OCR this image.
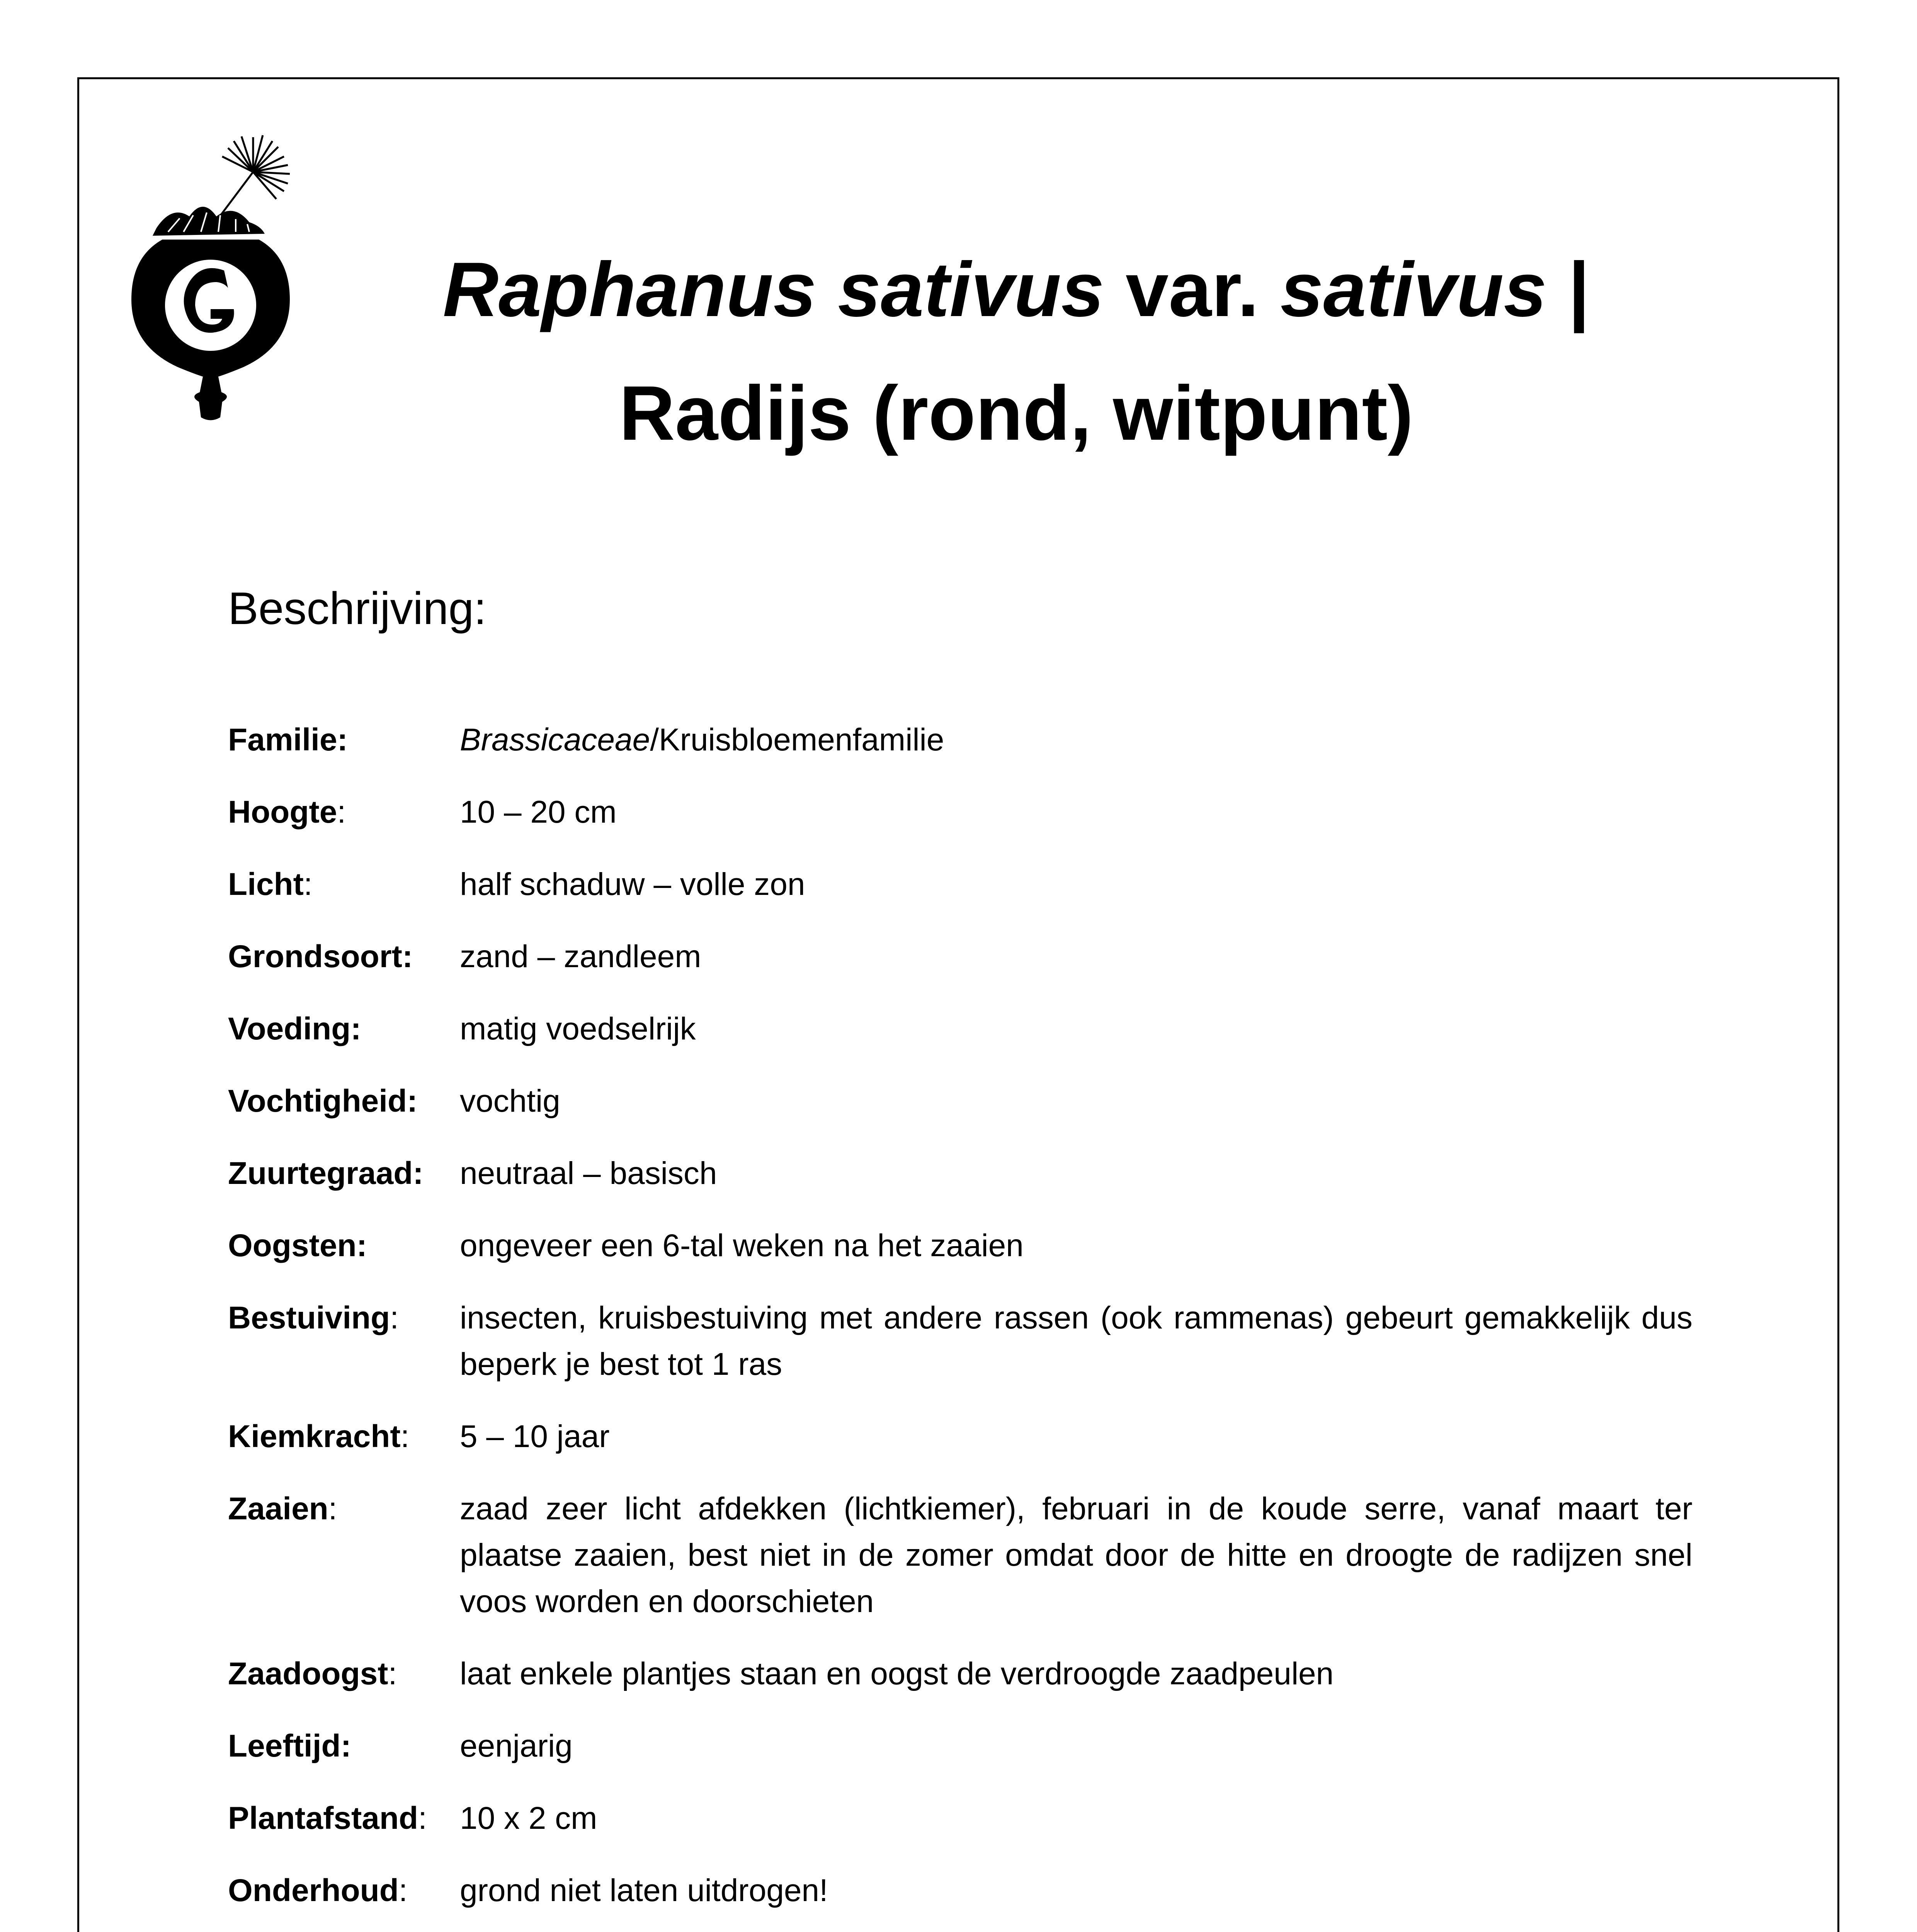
Raphanus sativus var. sativus |
Radijs (rond, witpunt)
Beschrijving:
Familie:	Brassicaceae/Kruisbloemenfamilie
Hoogte:	10 – 20 cm
Licht:	half schaduw – volle zon
Grondsoort:	zand – zandleem
Voeding:	matig voedselrijk
Vochtigheid:	vochtig
Zuurtegraad:	neutraal – basisch
Oogsten:	ongeveer een 6-tal weken na het zaaien
Bestuiving:	insecten, kruisbestuiving met andere rassen (ook rammenas) gebeurt gemakkelijk dus beperk je best tot 1 ras
Kiemkracht:	5 – 10 jaar
Zaaien:	zaad zeer licht afdekken (lichtkiemer), februari in de koude serre, vanaf maart ter plaatse zaaien, best niet in de zomer omdat door de hitte en droogte de radijzen snel voos worden en doorschieten
Zaadoogst:	laat enkele plantjes staan en oogst de verdroogde zaadpeulen
Leeftijd:	eenjarig
Plantafstand:	10 x 2 cm
Onderhoud:	grond niet laten uitdrogen!
